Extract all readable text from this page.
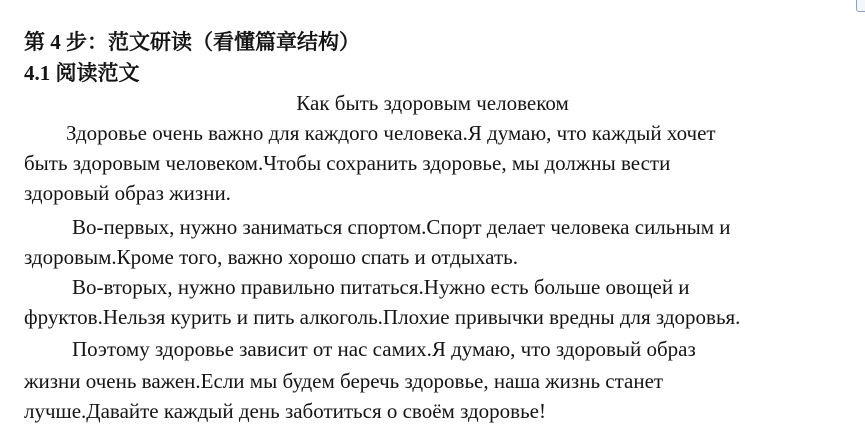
第 4 步：范文研读（看懂篇章结构）
4.1 阅读范文
Как быть здоровым человеком
Здоровье очень важно для каждого человека.Я думаю, что каждый хочет
быть здоровым человеком.Чтобы сохранить здоровье, мы должны вести
здоровый образ жизни.
Во-первых, нужно заниматься спортом.Спорт делает человека сильным и
здоровым.Кроме того, важно хорошо спать и отдыхать.
Во-вторых, нужно правильно питаться.Нужно есть больше овощей и
фруктов.Нельзя курить и пить алкоголь.Плохие привычки вредны для здоровья.
Поэтому здоровье зависит от нас самих.Я думаю, что здоровый образ
жизни очень важен.Если мы будем беречь здоровье, наша жизнь станет
лучше.Давайте каждый день заботиться о своём здоровье!
